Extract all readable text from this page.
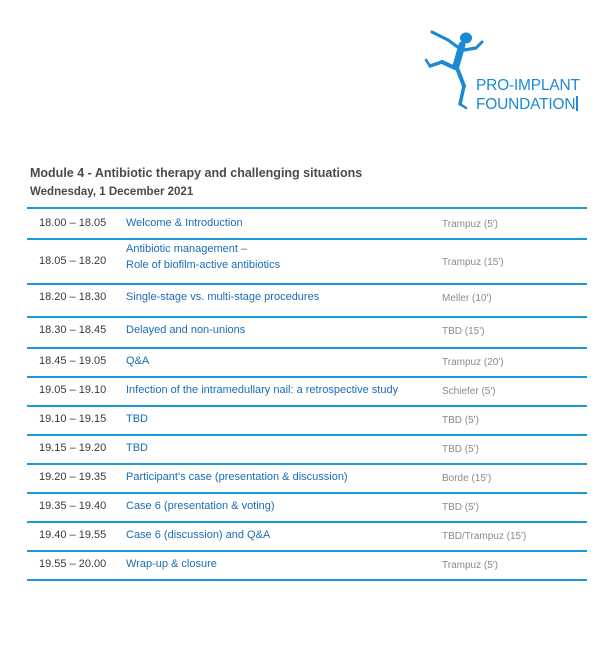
PRO-IMPLANT
FOUNDATION
Module 4 - Antibiotic therapy and challenging situations
Wednesday, 1 December 2021
18.00 – 18.05 Welcome & Introduction	Trampuz (5')
18.05 – 18.20
Antibiotic management –
Role of biofilm-active antibiotics	Trampuz (15')
18.20 – 18.30 Single-stage vs. multi-stage procedures	Meller (10')
18.30 – 18.45 Delayed and non-unions	TBD (15')
18.45 – 19.05 Q&A	Trampuz (20')
19.05 – 19.10 Infection of the intramedullary nail: a retrospective study	Schiefer (5')
19.10 – 19.15 TBD	TBD (5')
19.15 – 19.20 TBD	TBD (5')
19.20 – 19.35 Participant's case (presentation & discussion)	Borde (15')
19.35 – 19.40 Case 6 (presentation & voting)	TBD (5')
19.40 – 19.55 Case 6 (discussion) and Q&A	TBD/Trampuz (15')
19.55 – 20.00 Wrap-up & closure	Trampuz (5')
